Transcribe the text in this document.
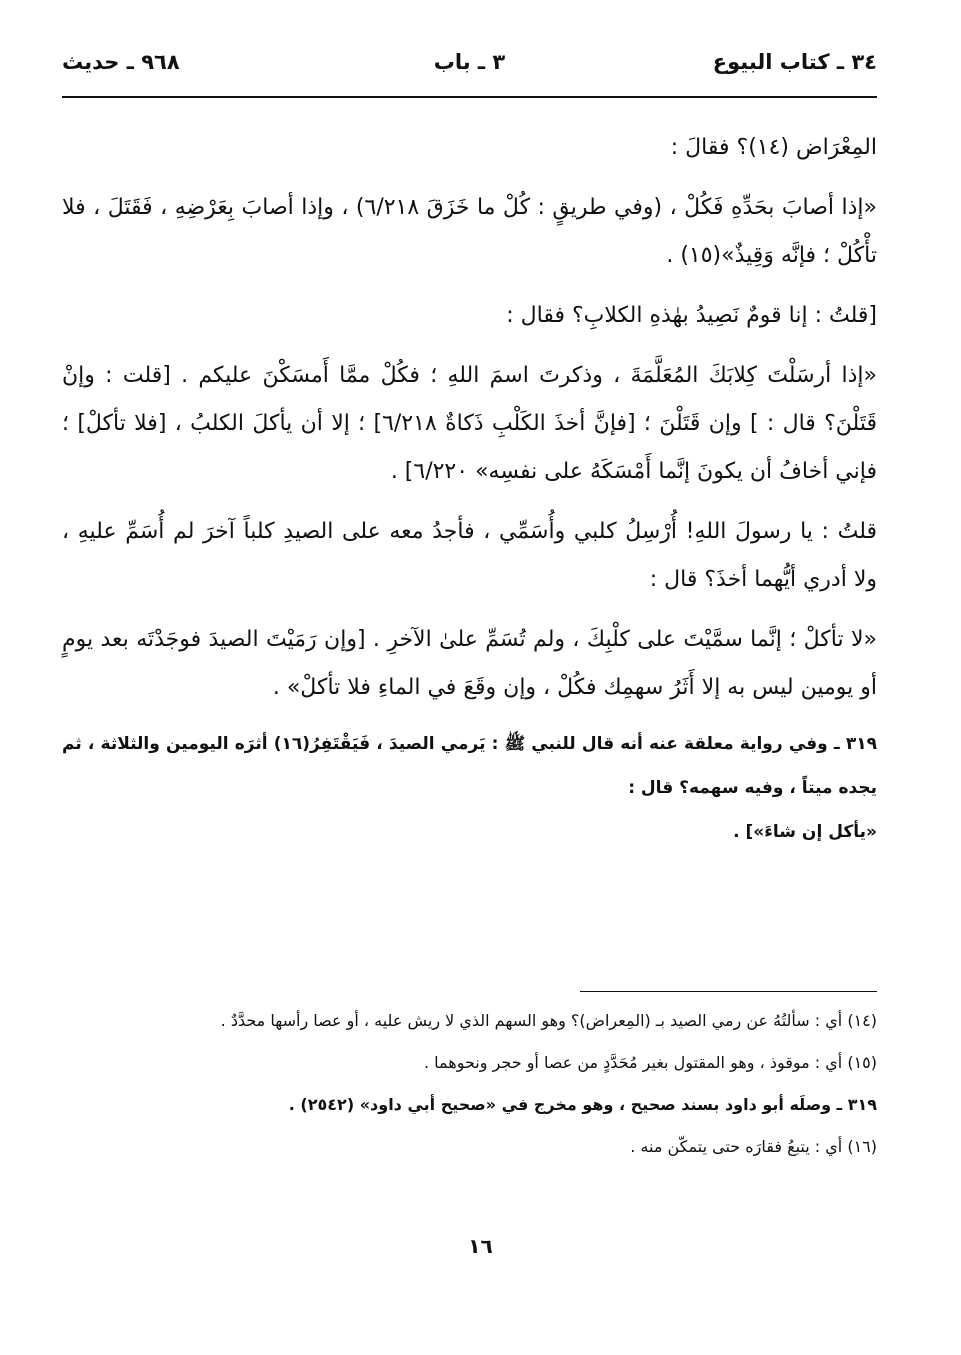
٣٤ ـ كتاب البيوع
٣ ـ باب
٩٦٨ ـ حديث

المِعْرَاض (١٤)؟ فقالَ :

«إذا أصابَ بحَدِّهِ فَكُلْ ، (وفي طريقٍ : كُلْ ما خَزَقَ ٦/٢١٨) ، وإذا أصابَ بِعَرْضِهِ ، فَقَتَلَ ، فلا تأْكُلْ ؛ فإنَّه وَقِيذٌ»(١٥) .

[قلتُ : إنا قومٌ نَصِيدُ بهٰذهِ الكلابِ؟ فقال :

«إذا أرسَلْتَ كِلابَكَ المُعَلَّمَةَ ، وذكرتَ اسمَ اللهِ ؛ فكُلْ ممَّا أَمسَكْنَ عليكم . [قلت : وإنْ قَتَلْنَ؟ قال : ] وإن قَتَلْنَ ؛ [فإنَّ أخذَ الكَلْبِ ذَكاةٌ ٦/٢١٨] ؛ إلا أن يأكلَ الكلبُ ، [فلا تأكلْ] ؛ فإني أخافُ أن يكونَ إنَّما أَمْسَكَهُ على نفسِه» ٦/٢٢٠] .

قلتُ : يا رسولَ اللهِ! أُرْسِلُ كلبي وأُسَمِّي ، فأجدُ معه على الصيدِ كلباً آخرَ لم أُسَمِّ عليهِ ، ولا أدري أيُّهما أخذَ؟ قال :

«لا تأكلْ ؛ إنَّما سمَّيْتَ على كلْبِكَ ، ولم تُسَمِّ علىٰ الآخرِ . [وإن رَمَيْتَ الصيدَ فوجَدْتَه بعد يومٍ أو يومين ليس به إلا أَثَرُ سهمِك فكُلْ ، وإن وقَعَ في الماءِ فلا تأكلْ» .

٣١٩ ـ وفي رواية معلقة عنه أنه قال للنبي ﷺ : يَرمي الصيدَ ، فَيَقْتَفِرُ(١٦) أثرَه اليومين والثلاثة ، ثم يجده ميتاً ، وفيه سهمه؟ قال :

«يأكل إن شاءَ»] .

(١٤) أي : سألتُهُ عن رمي الصيد بـ (المِعراض)؟ وهو السهم الذي لا ريش عليه ، أو عصا رأسها محدَّدٌ .

(١٥) أي : موقوذ ، وهو المقتول بغير مُحَدَّدٍ من عصا أو حجر ونحوهما .

٣١٩ ـ وصلَه أبو داود بسند صحيح ، وهو مخرج في «صحيح أبي داود» (٢٥٤٢) .

(١٦) أي : يتبعُ فقارَه حتى يتمكّن منه .

١٦
